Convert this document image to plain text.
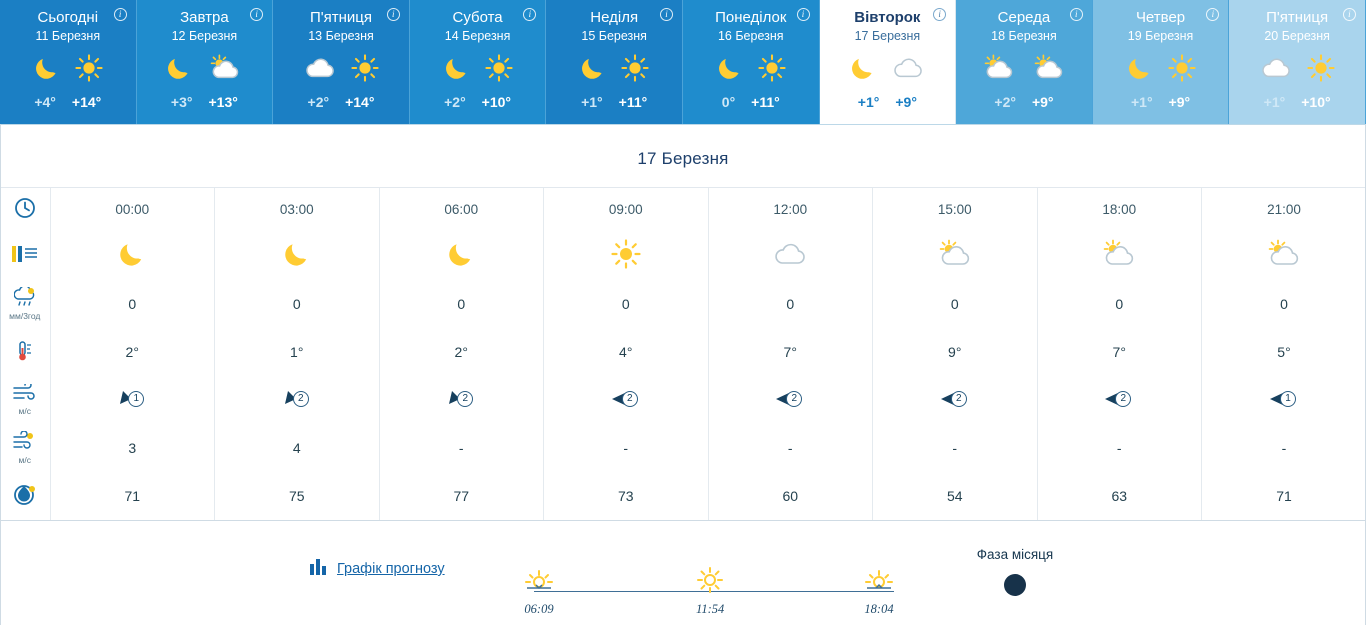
i
Сьогодні
11 Березня
+4° +14°
i
Завтра
12 Березня
+3° +13°
i
П'ятниця
13 Березня
+2° +14°
i
Субота
14 Березня
+2° +10°
i
Неділя
15 Березня
+1° +11°
i
Понеділок
16 Березня
0° +11°
i
Вівторок
17 Березня
+1° +9°
i
Середа
18 Березня
+2° +9°
i
Четвер
19 Березня
+1° +9°
i
П'ятниця
20 Березня
+1° +10°
17 Березня
	00:00	03:00	06:00	09:00	12:00	15:00	18:00	21:00

мм/3год	0	0	0	0	0	0	0	0

	2°	1°	2°	4°	7°	9°	7°	5°

м/с	1	2	2	2	2	2	2	1

м/с	3	4	-	-	-	-	-	-

	71	75	77	73	60	54	63	71
Графік прогнозу
06:09	11:54	18:04
Фаза місяця
